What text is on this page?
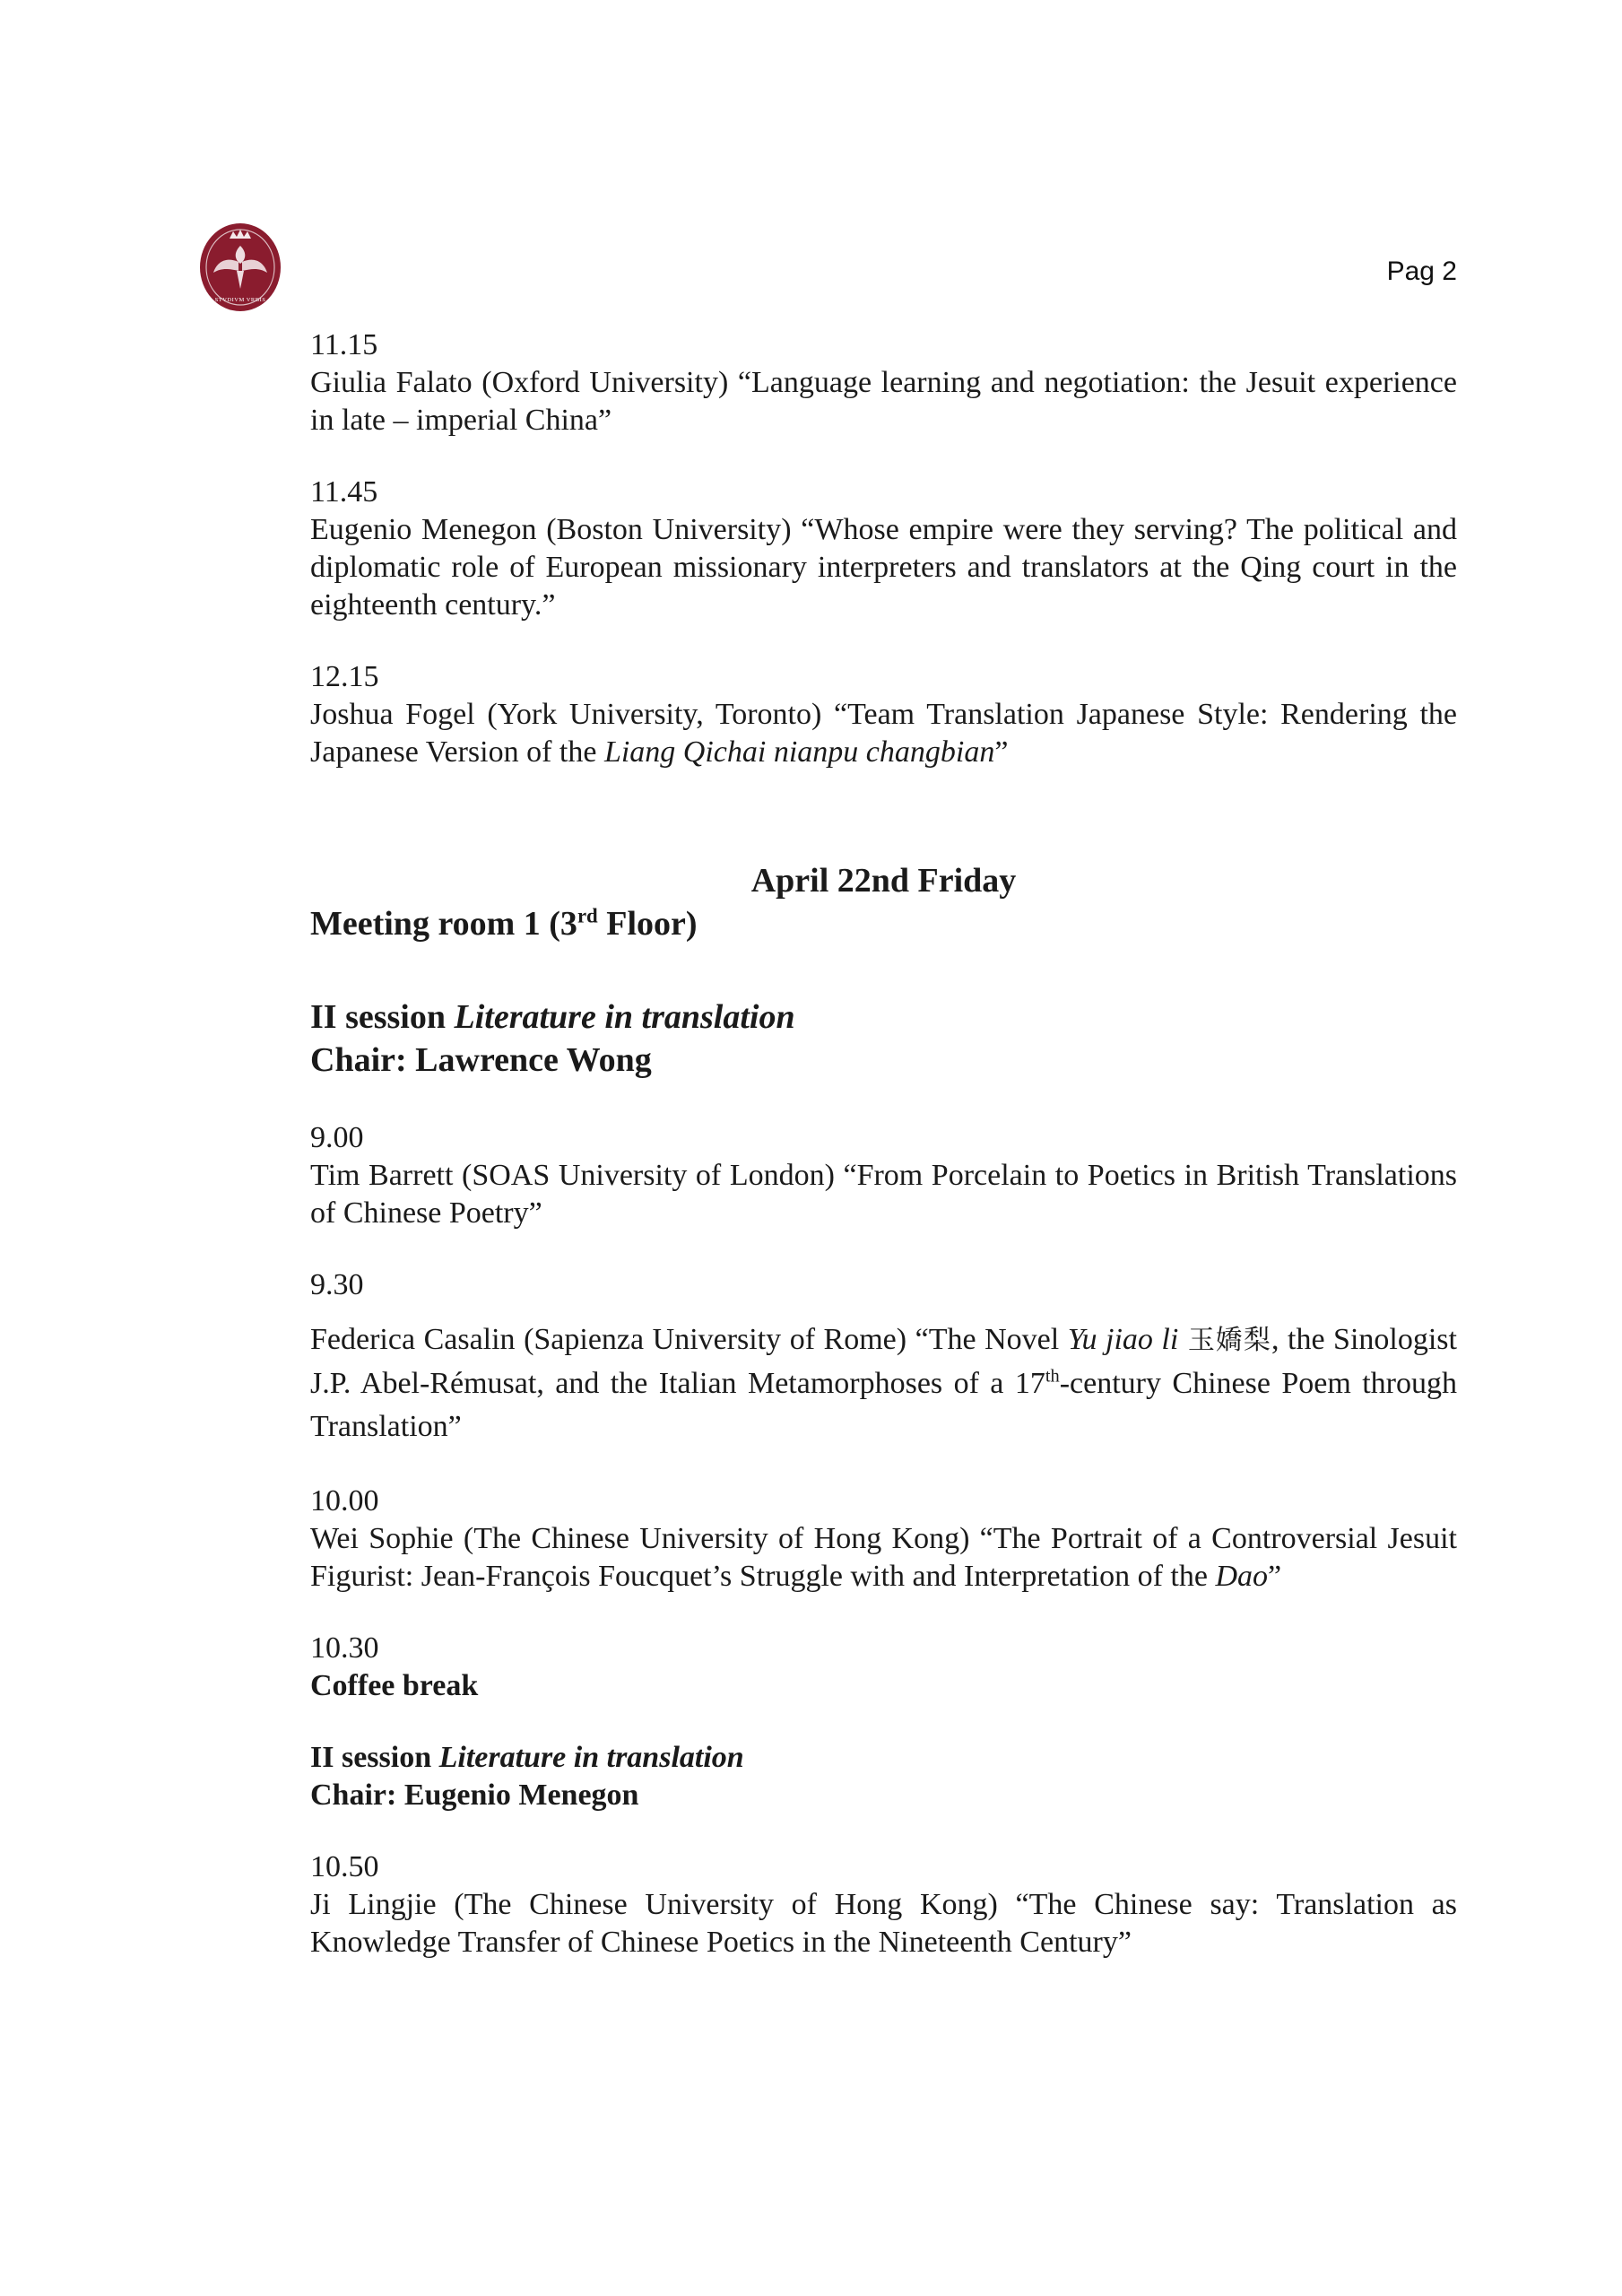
STVDIVM VRBIS
Pag 2
11.15
Giulia Falato (Oxford University) “Language learning and negotiation: the Jesuit experience in late – imperial China”
11.45
Eugenio Menegon (Boston University) “Whose empire were they serving? The political and diplomatic role of European missionary interpreters and translators at the Qing court in the eighteenth century.”
12.15
Joshua Fogel (York University, Toronto) “Team Translation Japanese Style: Rendering the Japanese Version of the Liang Qichai nianpu changbian”
April 22nd Friday
Meeting room 1 (3rd Floor)
II session Literature in translation
Chair: Lawrence Wong
9.00
Tim Barrett (SOAS University of London) “From Porcelain to Poetics in British Translations of Chinese Poetry”
9.30
Federica Casalin (Sapienza University of Rome) “The Novel Yu jiao li 玉嬌梨, the Sinologist J.P. Abel-Rémusat, and the Italian Metamorphoses of a 17th-century Chinese Poem through Translation”
10.00
Wei Sophie (The Chinese University of Hong Kong) “The Portrait of a Controversial Jesuit Figurist: Jean-François Foucquet’s Struggle with and Interpretation of the Dao”
10.30
Coffee break
II session Literature in translation
Chair: Eugenio Menegon
10.50
Ji Lingjie (The Chinese University of Hong Kong) “The Chinese say: Translation as Knowledge Transfer of Chinese Poetics in the Nineteenth Century”
